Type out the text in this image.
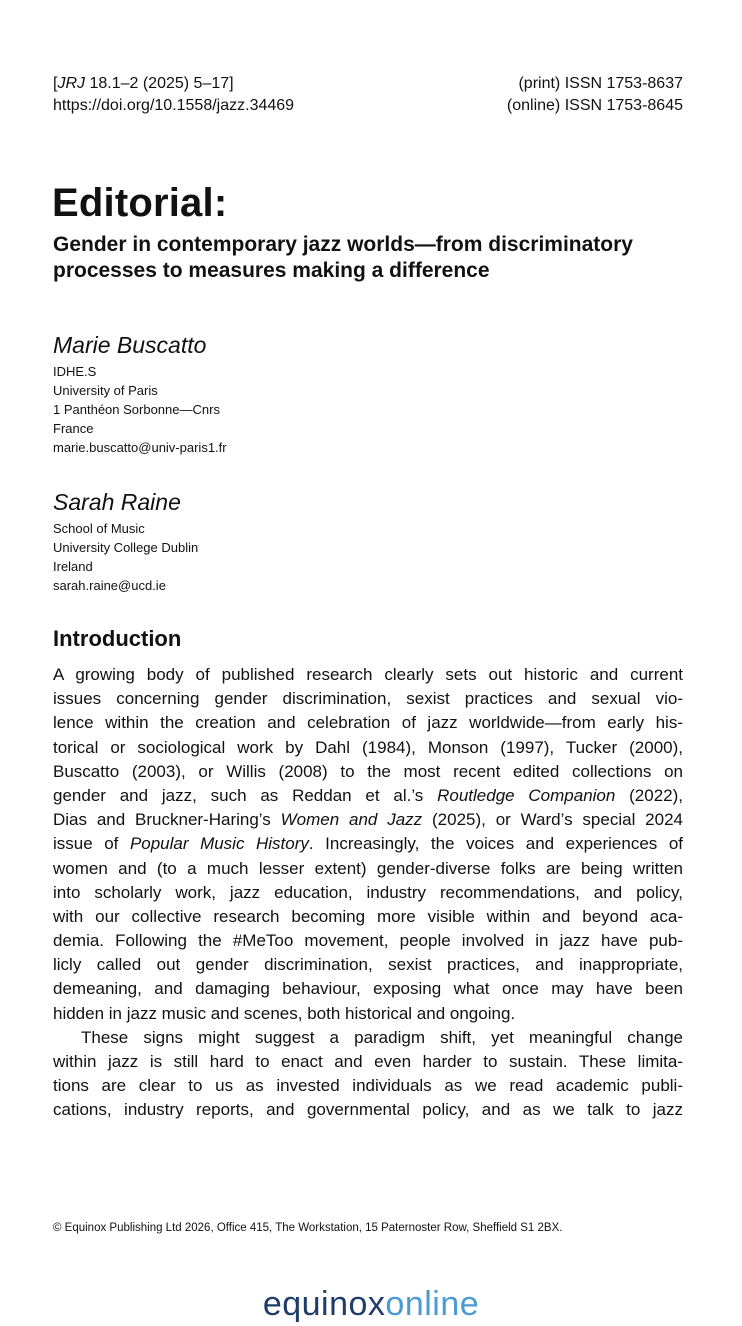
[JRJ 18.1–2 (2025) 5–17]
https://doi.org/10.1558/jazz.34469
(print) ISSN 1753-8637
(online) ISSN 1753-8645
Editorial:
Gender in contemporary jazz worlds—from discriminatory processes to measures making a difference
Marie Buscatto
IDHE.S
University of Paris
1 Panthéon Sorbonne—Cnrs
France
marie.buscatto@univ-paris1.fr
Sarah Raine
School of Music
University College Dublin
Ireland
sarah.raine@ucd.ie
Introduction
A growing body of published research clearly sets out historic and current
issues concerning gender discrimination, sexist practices and sexual vio-
lence within the creation and celebration of jazz worldwide—from early his-
torical or sociological work by Dahl (1984), Monson (1997), Tucker (2000),
Buscatto (2003), or Willis (2008) to the most recent edited collections on
gender and jazz, such as Reddan et al.’s Routledge Companion (2022),
Dias and Bruckner-Haring’s Women and Jazz (2025), or Ward’s special 2024
issue of Popular Music History. Increasingly, the voices and experiences of
women and (to a much lesser extent) gender-diverse folks are being written
into scholarly work, jazz education, industry recommendations, and policy,
with our collective research becoming more visible within and beyond aca-
demia. Following the #MeToo movement, people involved in jazz have pub-
licly called out gender discrimination, sexist practices, and inappropriate,
demeaning, and damaging behaviour, exposing what once may have been
hidden in jazz music and scenes, both historical and ongoing.
These signs might suggest a paradigm shift, yet meaningful change
within jazz is still hard to enact and even harder to sustain. These limita-
tions are clear to us as invested individuals as we read academic publi-
cations, industry reports, and governmental policy, and as we talk to jazz
© Equinox Publishing Ltd 2026, Office 415, The Workstation, 15 Paternoster Row, Sheffield S1 2BX.
equinoxonline
